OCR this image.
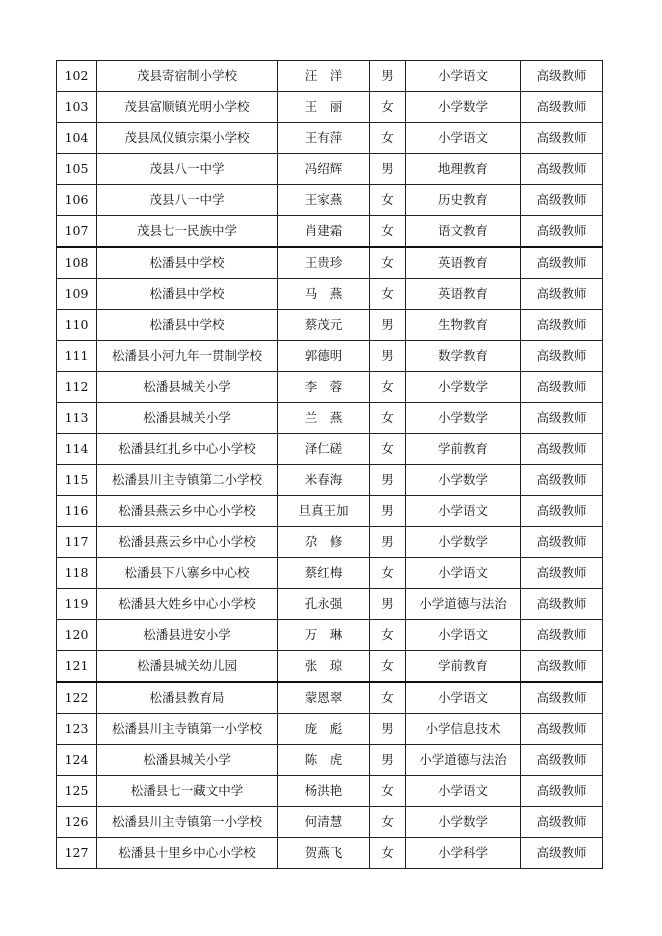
102	茂县寄宿制小学校	汪　洋	男	小学语文	高级教师
103	茂县富顺镇光明小学校	王　丽	女	小学数学	高级教师
104	茂县凤仪镇宗渠小学校	王有萍	女	小学语文	高级教师
105	茂县八一中学	冯绍辉	男	地理教育	高级教师
106	茂县八一中学	王家燕	女	历史教育	高级教师
107	茂县七一民族中学	肖建霜	女	语文教育	高级教师
108	松潘县中学校	王贵珍	女	英语教育	高级教师
109	松潘县中学校	马　燕	女	英语教育	高级教师
110	松潘县中学校	蔡茂元	男	生物教育	高级教师
111	松潘县小河九年一贯制学校	郭德明	男	数学教育	高级教师
112	松潘县城关小学	李　蓉	女	小学数学	高级教师
113	松潘县城关小学	兰　燕	女	小学数学	高级教师
114	松潘县红扎乡中心小学校	泽仁磋	女	学前教育	高级教师
115	松潘县川主寺镇第二小学校	米春海	男	小学数学	高级教师
116	松潘县燕云乡中心小学校	旦真王加	男	小学语文	高级教师
117	松潘县燕云乡中心小学校	尕　修	男	小学数学	高级教师
118	松潘县下八寨乡中心校	蔡红梅	女	小学语文	高级教师
119	松潘县大姓乡中心小学校	孔永强	男	小学道德与法治	高级教师
120	松潘县进安小学	万　琳	女	小学语文	高级教师
121	松潘县城关幼儿园	张　琼	女	学前教育	高级教师
122	松潘县教育局	蒙恩翠	女	小学语文	高级教师
123	松潘县川主寺镇第一小学校	庞　彪	男	小学信息技术	高级教师
124	松潘县城关小学	陈　虎	男	小学道德与法治	高级教师
125	松潘县七一藏文中学	杨洪艳	女	小学语文	高级教师
126	松潘县川主寺镇第一小学校	何清慧	女	小学数学	高级教师
127	松潘县十里乡中心小学校	贺燕飞	女	小学科学	高级教师
